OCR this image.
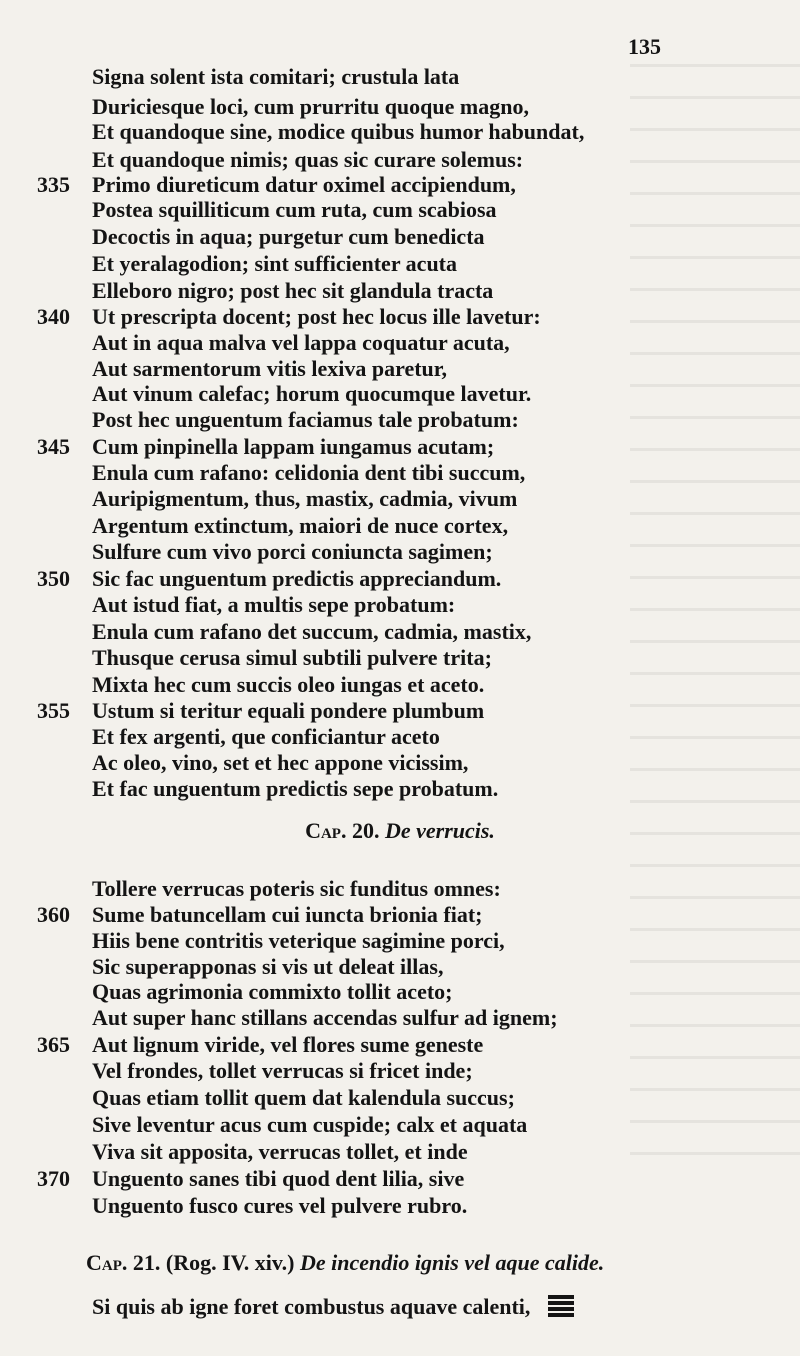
135
Signa solent ista comitari; crustula lata
Duriciesque loci, cum prurritu quoque magno,
Et quandoque sine, modice quibus humor habundat,
Et quandoque nimis; quas sic curare solemus:
335 Primo diureticum datur oximel accipiendum,
Postea squilliticum cum ruta, cum scabiosa
Decoctis in aqua; purgetur cum benedicta
Et yeralagodion; sint sufficienter acuta
Elleboro nigro; post hec sit glandula tracta
340 Ut prescripta docent; post hec locus ille lavetur:
Aut in aqua malva vel lappa coquatur acuta,
Aut sarmentorum vitis lexiva paretur,
Aut vinum calefac; horum quocumque lavetur.
Post hec unguentum faciamus tale probatum:
345 Cum pinpinella lappam iungamus acutam;
Enula cum rafano: celidonia dent tibi succum,
Auripigmentum, thus, mastix, cadmia, vivum
Argentum extinctum, maiori de nuce cortex,
Sulfure cum vivo porci coniuncta sagimen;
350 Sic fac unguentum predictis appreciandum.
Aut istud fiat, a multis sepe probatum:
Enula cum rafano det succum, cadmia, mastix,
Thusque cerusa simul subtili pulvere trita;
Mixta hec cum succis oleo iungas et aceto.
355 Ustum si teritur equali pondere plumbum
Et fex argenti, que conficiantur aceto
Ac oleo, vino, set et hec appone vicissim,
Et fac unguentum predictis sepe probatum.
Cap. 20. De verrucis.
Tollere verrucas poteris sic funditus omnes:
360 Sume batuncellam cui iuncta brionia fiat;
Hiis bene contritis veterique sagimine porci,
Sic superapponas si vis ut deleat illas,
Quas agrimonia commixto tollit aceto;
Aut super hanc stillans accendas sulfur ad ignem;
365 Aut lignum viride, vel flores sume geneste
Vel frondes, tollet verrucas si fricet inde;
Quas etiam tollit quem dat kalendula succus;
Sive leventur acus cum cuspide; calx et aquata
Viva sit apposita, verrucas tollet, et inde
370 Unguento sanes tibi quod dent lilia, sive
Unguento fusco cures vel pulvere rubro.
Cap. 21. (Rog. IV. xiv.) De incendio ignis vel aque calide.
Si quis ab igne foret combustus aquave calenti,
